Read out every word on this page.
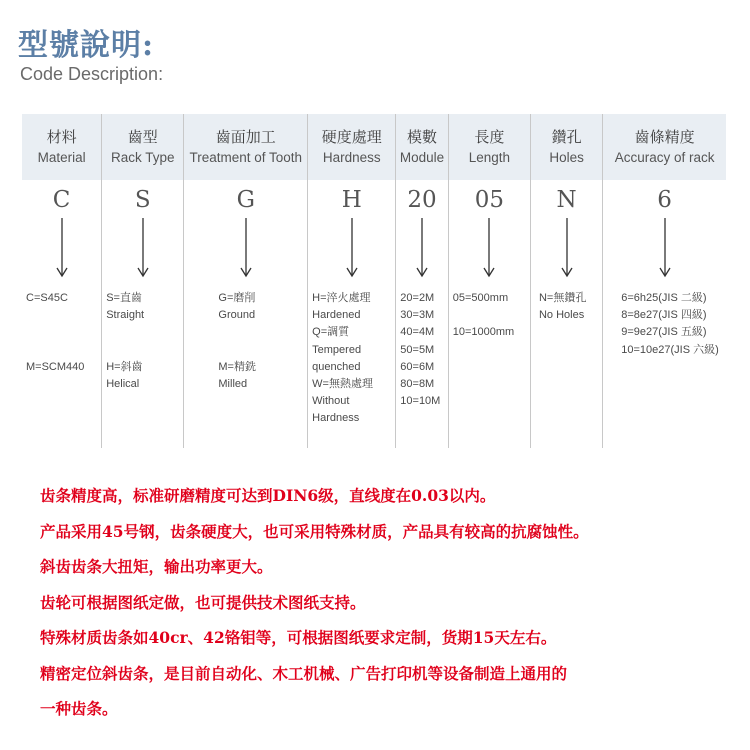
型號說明:
Code Description:
材料
Material
C
C=S45C
M=SCM440
齒型
Rack Type
S
S=直齒
Straight
H=斜齒
Helical
齒面加工
Treatment of Tooth
G
G=磨削
Ground
M=精銑
Milled
硬度處理
Hardness
H
H=淬火處理
Hardened
Q=調質
Tempered
quenched
W=無熱處理
Without
Hardness
模數
Module
20
20=2M
30=3M
40=4M
50=5M
60=6M
80=8M
10=10M
長度
Length
05
05=500mm
10=1000mm
鑽孔
Holes
N
N=無鑽孔
No Holes
齒條精度
Accuracy of rack
6
6=6h25(JIS 二級)
8=8e27(JIS 四級)
9=9e27(JIS 五級)
10=10e27(JIS 六級)
齿条精度高，标准研磨精度可达到DIN6级，直线度在0.03以内。
产品采用45号钢，齿条硬度大，也可采用特殊材质，产品具有较高的抗腐蚀性。
斜齿齿条大扭矩，输出功率更大。
齿轮可根据图纸定做，也可提供技术图纸支持。
特殊材质齿条如40cr、42铬钼等，可根据图纸要求定制，货期15天左右。
精密定位斜齿条，是目前自动化、木工机械、广告打印机等设备制造上通用的
一种齿条。
